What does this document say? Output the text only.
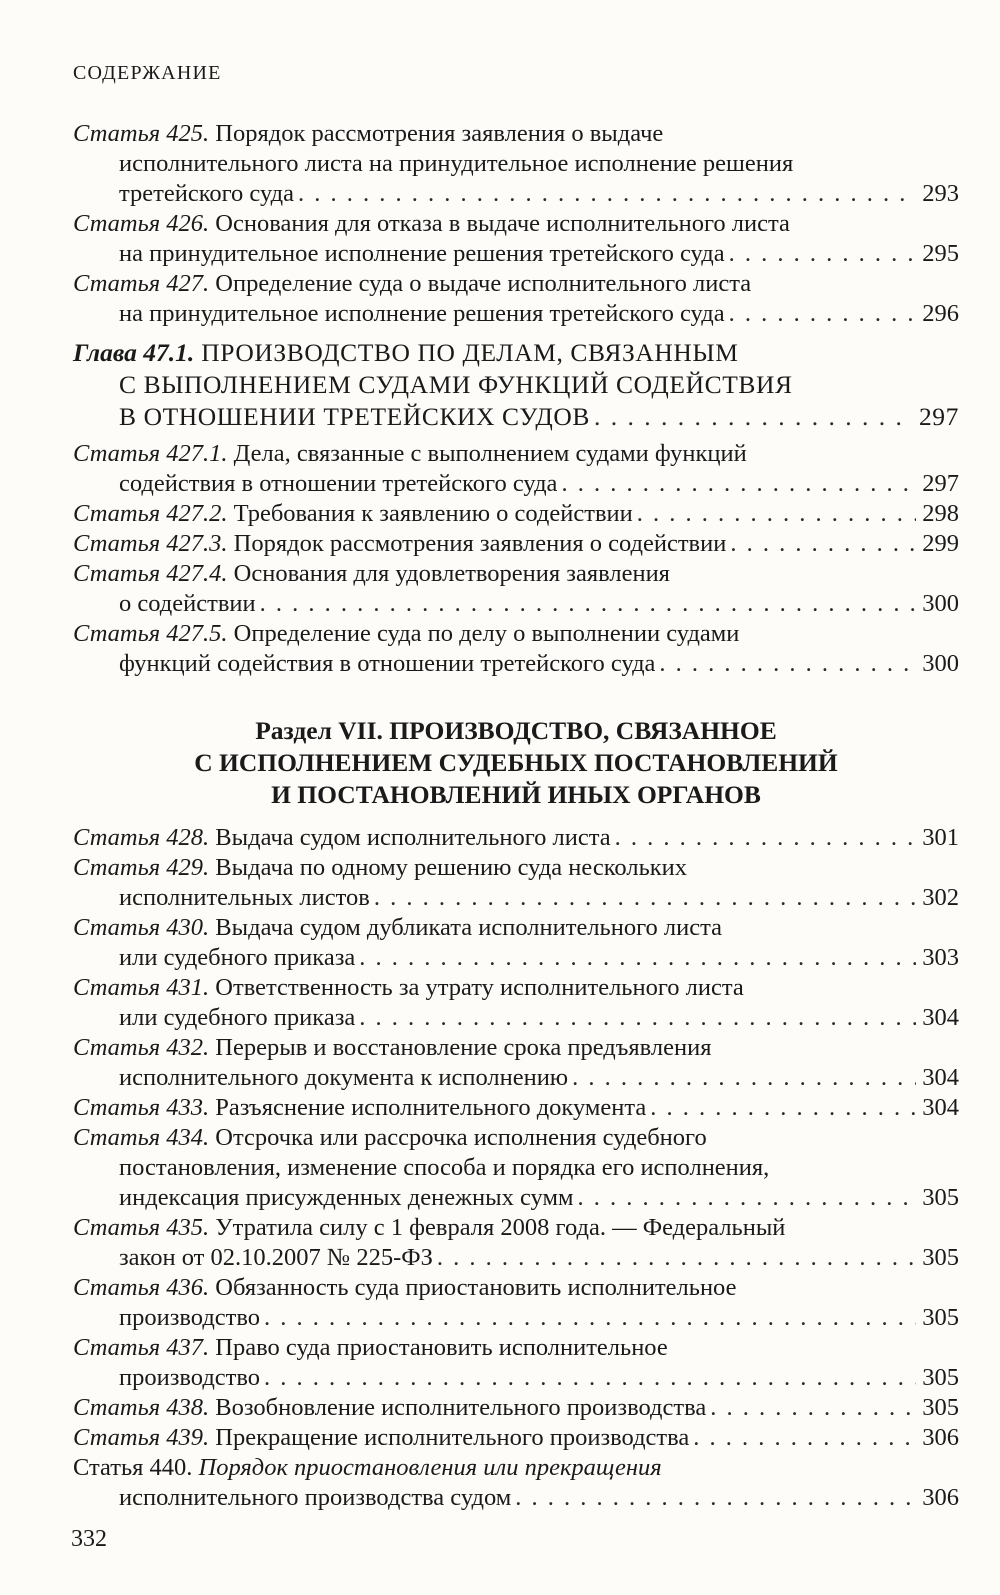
СОДЕРЖАНИЕ
Статья 425. Порядок рассмотрения заявления о выдаче
исполнительного листа на принудительное исполнение решения
третейского суда . . .	293
Статья 426. Основания для отказа в выдаче исполнительного листа
на принудительное исполнение решения третейского суда . . .	295
Статья 427. Определение суда о выдаче исполнительного листа
на принудительное исполнение решения третейского суда . . .	296
Глава 47.1. ПРОИЗВОДСТВО ПО ДЕЛАМ, СВЯЗАННЫМ
С ВЫПОЛНЕНИЕМ СУДАМИ ФУНКЦИЙ СОДЕЙСТВИЯ
В ОТНОШЕНИИ ТРЕТЕЙСКИХ СУДОВ . . .	297
Статья 427.1. Дела, связанные с выполнением судами функций
содействия в отношении третейского суда . . .	297
Статья 427.2. Требования к заявлению о содействии . . .	298
Статья 427.3. Порядок рассмотрения заявления о содействии . . .	299
Статья 427.4. Основания для удовлетворения заявления
о содействии . . .	300
Статья 427.5. Определение суда по делу о выполнении судами
функций содействия в отношении третейского суда . . .	300
Раздел VII. ПРОИЗВОДСТВО, СВЯЗАННОЕ
С ИСПОЛНЕНИЕМ СУДЕБНЫХ ПОСТАНОВЛЕНИЙ
И ПОСТАНОВЛЕНИЙ ИНЫХ ОРГАНОВ
Статья 428. Выдача судом исполнительного листа . . .	301
Статья 429. Выдача по одному решению суда нескольких
исполнительных листов . . .	302
Статья 430. Выдача судом дубликата исполнительного листа
или судебного приказа . . .	303
Статья 431. Ответственность за утрату исполнительного листа
или судебного приказа . . .	304
Статья 432. Перерыв и восстановление срока предъявления
исполнительного документа к исполнению . . .	304
Статья 433. Разъяснение исполнительного документа . . .	304
Статья 434. Отсрочка или рассрочка исполнения судебного
постановления, изменение способа и порядка его исполнения,
индексация присужденных денежных сумм . . .	305
Статья 435. Утратила силу с 1 февраля 2008 года. — Федеральный
закон от 02.10.2007 № 225-ФЗ . . .	305
Статья 436. Обязанность суда приостановить исполнительное
производство . . .	305
Статья 437. Право суда приостановить исполнительное
производство . . .	305
Статья 438. Возобновление исполнительного производства . . .	305
Статья 439. Прекращение исполнительного производства . . .	306
Статья 440. Порядок приостановления или прекращения
исполнительного производства судом . . .	306
332
